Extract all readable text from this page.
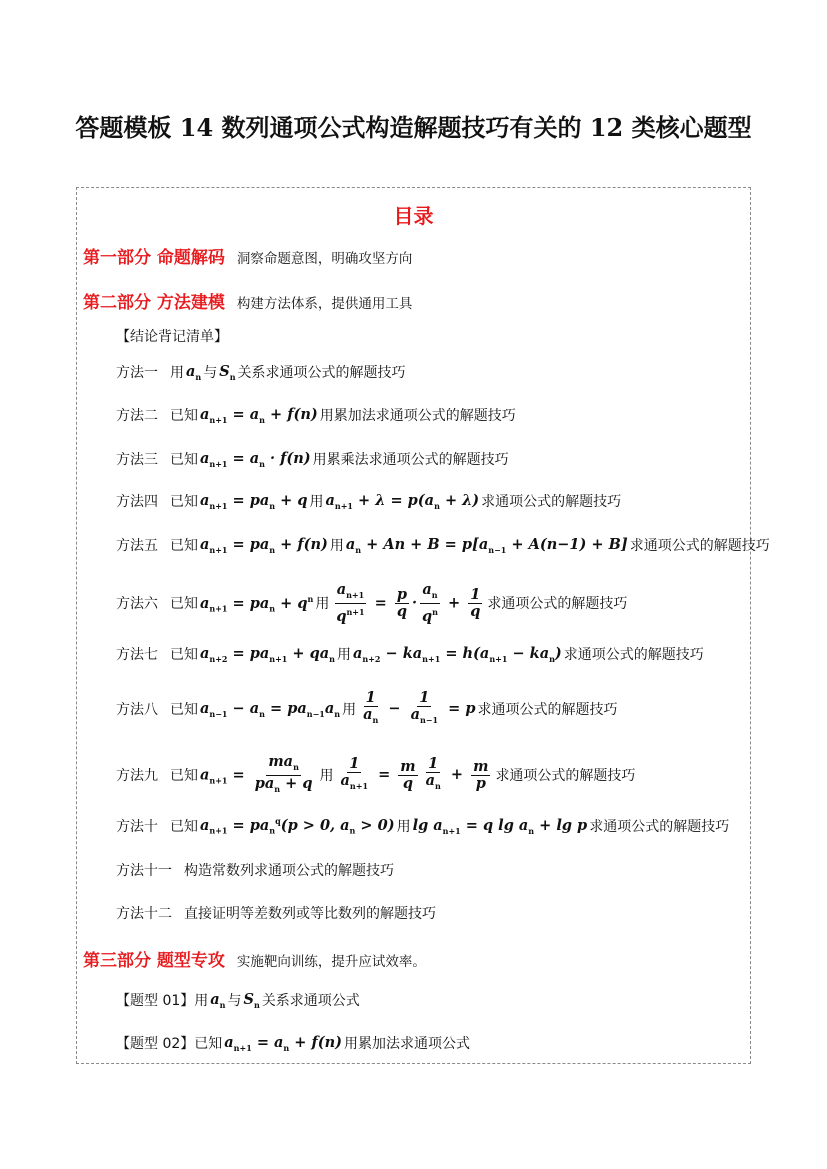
答题模板 14 数列通项公式构造解题技巧有关的 12 类核心题型
目录
第一部分 命题解码 洞察命题意图，明确攻坚方向
第二部分 方法建模 构建方法体系，提供通用工具
【结论背记清单】
方法一 用 $a_n$ 与 $S_n$ 关系求通项公式的解题技巧
方法二 已知 $a_{n+1} = a_n + f(n)$ 用累加法求通项公式的解题技巧
方法三 已知 $a_{n+1} = a_n \cdot f(n)$ 用累乘法求通项公式的解题技巧
方法四 已知 $a_{n+1} = pa_n + q$ 用 $a_{n+1} + \lambda = p(a_n + \lambda)$ 求通项公式的解题技巧
方法五 已知 $a_{n+1} = pa_n + f(n)$ 用 $a_n + An + B = p[a_{n-1} + A(n-1) + B]$ 求通项公式的解题技巧
方法六 已知 $a_{n+1} = pa_n + q^n$ 用 $\frac{a_{n+1}}{q^{n+1}} = \frac{p}{q} \cdot \frac{a_n}{q^n} + \frac{1}{q}$ 求通项公式的解题技巧
方法七 已知 $a_{n+2} = pa_{n+1} + qa_n$ 用 $a_{n+2} - ka_{n+1} = h(a_{n+1} - ka_n)$ 求通项公式的解题技巧
方法八 已知 $a_{n-1} - a_n = pa_{n-1}a_n$ 用 $\frac{1}{a_n} - \frac{1}{a_{n-1}} = p$ 求通项公式的解题技巧
方法九 已知 $a_{n+1} = \frac{ma_n}{pa_n + q}$ 用 $\frac{1}{a_{n+1}} = \frac{m}{q} \frac{1}{a_n} + \frac{m}{p}$ 求通项公式的解题技巧
方法十 已知 $a_{n+1} = pa_n^q(p > 0$, $a_n > 0$) 用 $\lg a_{n+1} = q$ $\lg a_n + \lg p$ 求通项公式的解题技巧
方法十一 构造常数列求通项公式的解题技巧
方法十二 直接证明等差数列或等比数列的解题技巧
第三部分 题型专攻 实施靶向训练，提升应试效率。
【题型 01】 用 $a_n$ 与 $S_n$ 关系求通项公式
【题型 02】 已知 $a_{n+1} = a_n + f(n)$ 用累加法求通项公式
